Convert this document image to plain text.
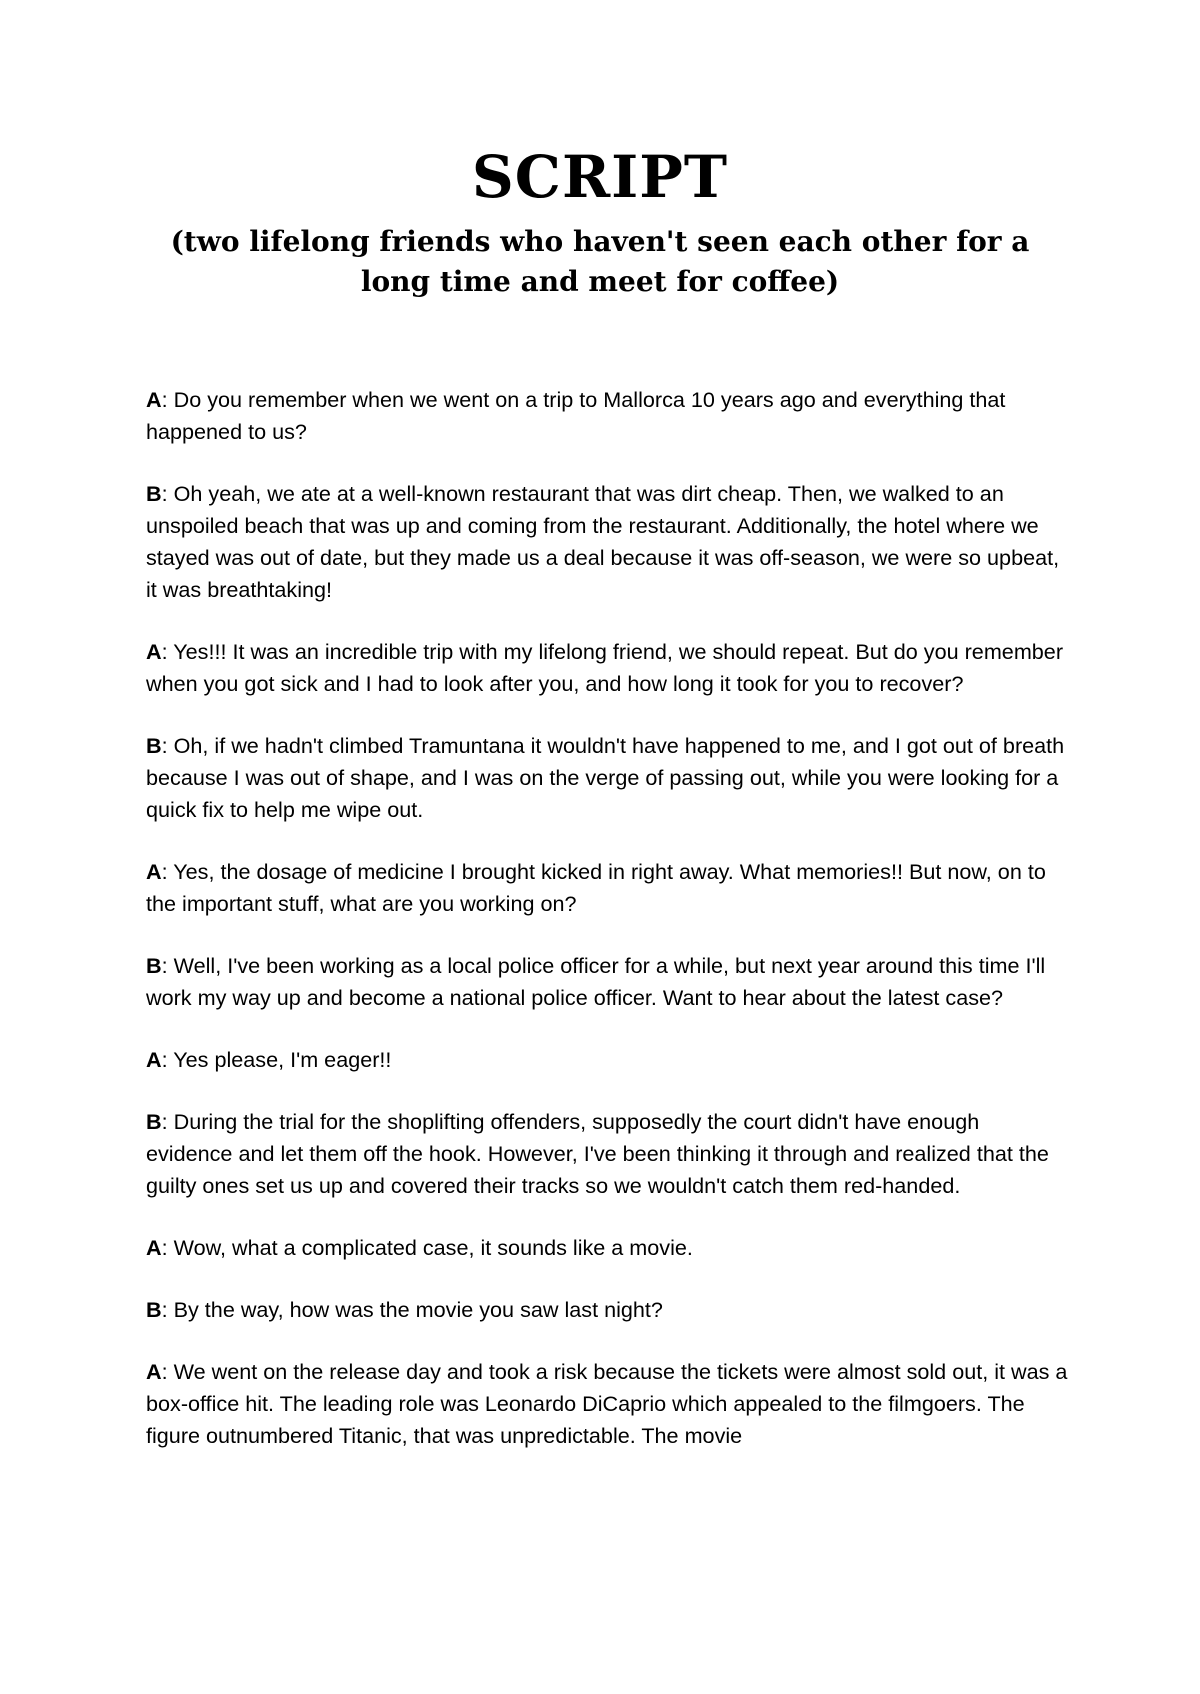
SCRIPT
(two lifelong friends who haven't seen each other for a long time and meet for coffee)

A: Do you remember when we went on a trip to Mallorca 10 years ago and everything that happened to us?

B: Oh yeah, we ate at a well-known restaurant that was dirt cheap. Then, we walked to an unspoiled beach that was up and coming from the restaurant. Additionally, the hotel where we stayed was out of date, but they made us a deal because it was off-season, we were so upbeat, it was breathtaking!

A: Yes!!! It was an incredible trip with my lifelong friend, we should repeat. But do you remember when you got sick and I had to look after you, and how long it took for you to recover?

B: Oh, if we hadn't climbed Tramuntana it wouldn't have happened to me, and I got out of breath because I was out of shape, and I was on the verge of passing out, while you were looking for a quick fix to help me wipe out.

A: Yes, the dosage of medicine I brought kicked in right away. What memories!! But now, on to the important stuff, what are you working on?

B: Well, I've been working as a local police officer for a while, but next year around this time I'll work my way up and become a national police officer. Want to hear about the latest case?

A: Yes please, I'm eager!!

B: During the trial for the shoplifting offenders, supposedly the court didn't have enough evidence and let them off the hook. However, I've been thinking it through and realized that the guilty ones set us up and covered their tracks so we wouldn't catch them red-handed.

A: Wow, what a complicated case, it sounds like a movie.

B: By the way, how was the movie you saw last night?

A: We went on the release day and took a risk because the tickets were almost sold out, it was a box-office hit. The leading role was Leonardo DiCaprio which appealed to the filmgoers. The figure outnumbered Titanic, that was unpredictable. The movie
